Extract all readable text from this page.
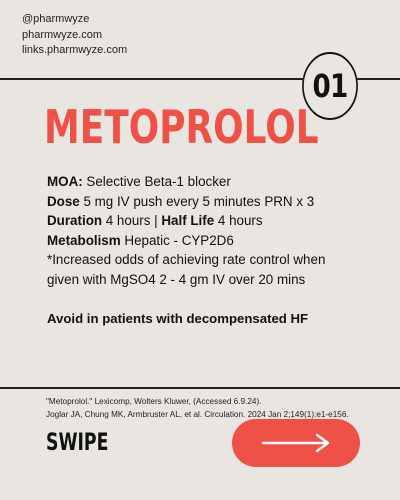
@pharmwyze
pharmwyze.com
links.pharmwyze.com
01
METOPROLOL
MOA: Selective Beta-1 blocker
Dose 5 mg IV push every 5 minutes PRN x 3
Duration 4 hours | Half Life 4 hours
Metabolism Hepatic - CYP2D6
*Increased odds of achieving rate control when
given with MgSO4 2 - 4 gm IV over 20 mins
Avoid in patients with decompensated HF
"Metoprolol." Lexicomp, Wolters Kluwer, (Accessed 6.9.24).
Joglar JA, Chung MK, Armbruster AL, et al. Circulation. 2024 Jan 2;149(1):e1-e156.
SWIPE
